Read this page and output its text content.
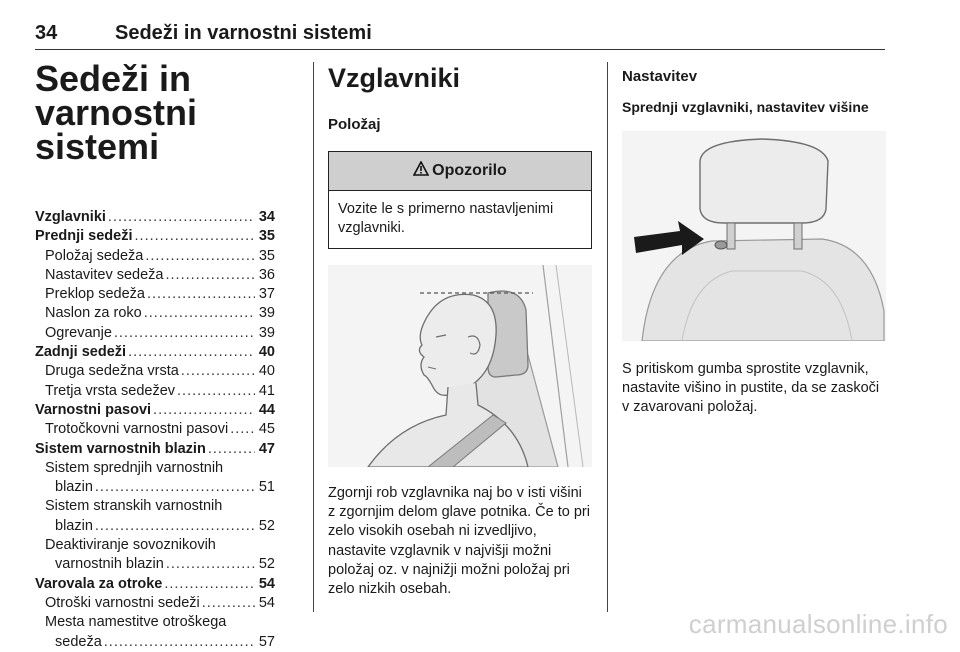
34	Sedeži in varnostni sistemi
Sedeži in varnostni
sistemi
Vzglavniki .....	34
Prednji sedeži .....	35
Položaj sedeža .....	35
Nastavitev sedeža .....	36
Preklop sedeža .....	37
Naslon za roko .....	39
Ogrevanje .....	39
Zadnji sedeži .....	40
Druga sedežna vrsta .....	40
Tretja vrsta sedežev .....	41
Varnostni pasovi .....	44
Trotočkovni varnostni pasovi ..... 45
Sistem varnostnih blazin .....	47
Sistem sprednjih varnostnih
blazin .....	51
Sistem stranskih varnostnih
blazin .....	52
Deaktiviranje sovoznikovih
varnostnih blazin .....	52
Varovala za otroke .....	54
Otroški varnostni sedeži .....	54
Mesta namestitve otroškega
sedeža .....	57
Vzglavniki
Položaj
Opozorilo
Vozite le s primerno nastavljenimi vzglavniki.
Zgornji rob vzglavnika naj bo v isti višini z zgornjim delom glave potnika. Če to pri zelo visokih osebah ni izvedljivo, nastavite vzglavnik v najvišji možni položaj oz. v najnižji možni položaj pri zelo nizkih osebah.
Nastavitev
Sprednji vzglavniki, nastavitev višine
S pritiskom gumba sprostite vzglavnik, nastavite višino in pustite, da se zaskoči v zavarovani položaj.
carmanualsonline.info
